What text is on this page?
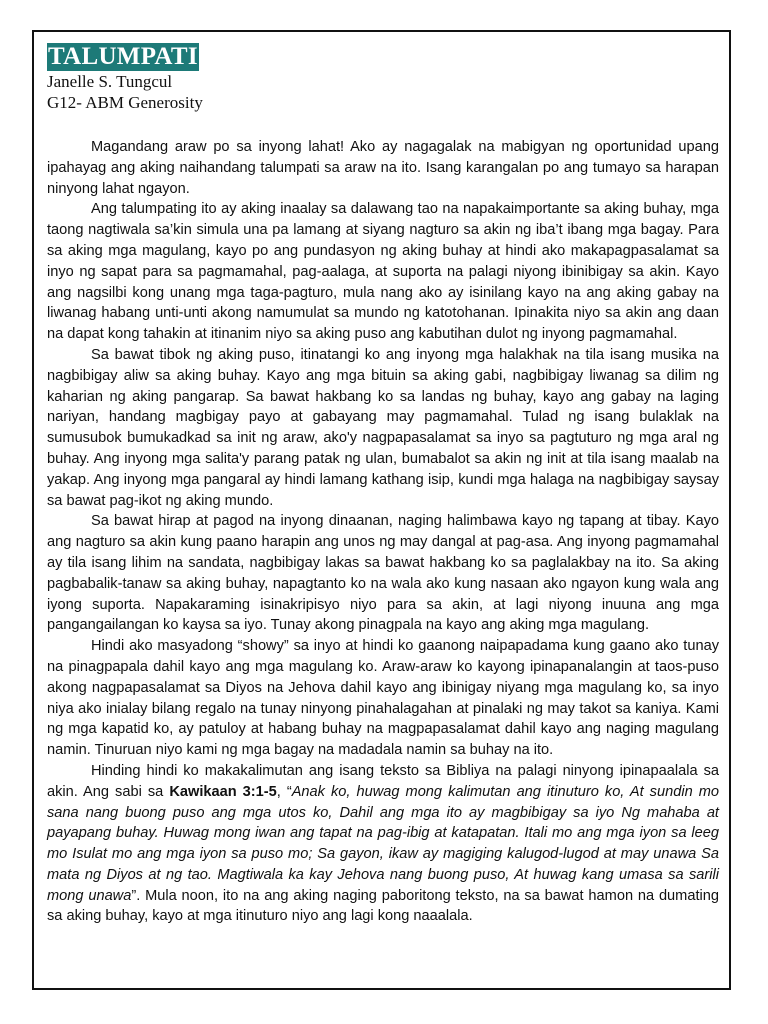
TALUMPATI
Janelle S. Tungcul
G12- ABM Generosity

Magandang araw po sa inyong lahat! Ako ay nagagalak na mabigyan ng oportunidad upang ipahayag ang aking naihandang talumpati sa araw na ito. Isang karangalan po ang tumayo sa harapan ninyong lahat ngayon.

Ang talumpating ito ay aking inaalay sa dalawang tao na napakaimportante sa aking buhay, mga taong nagtiwala sa’kin simula una pa lamang at siyang nagturo sa akin ng iba’t ibang mga bagay. Para sa aking mga magulang, kayo po ang pundasyon ng aking buhay at hindi ako makapagpasalamat sa inyo ng sapat para sa pagmamahal, pag-aalaga, at suporta na palagi niyong ibinibigay sa akin. Kayo ang nagsilbi kong unang mga taga-pagturo, mula nang ako ay isinilang kayo na ang aking gabay na liwanag habang unti-unti akong namumulat sa mundo ng katotohanan. Ipinakita niyo sa akin ang daan na dapat kong tahakin at itinanim niyo sa aking puso ang kabutihan dulot ng inyong pagmamahal.

Sa bawat tibok ng aking puso, itinatangi ko ang inyong mga halakhak na tila isang musika na nagbibigay aliw sa aking buhay. Kayo ang mga bituin sa aking gabi, nagbibigay liwanag sa dilim ng kaharian ng aking pangarap. Sa bawat hakbang ko sa landas ng buhay, kayo ang gabay na laging nariyan, handang magbigay payo at gabayang may pagmamahal. Tulad ng isang bulaklak na sumusubok bumukadkad sa init ng araw, ako'y nagpapasalamat sa inyo sa pagtuturo ng mga aral ng buhay. Ang inyong mga salita'y parang patak ng ulan, bumabalot sa akin ng init at tila isang maalab na yakap. Ang inyong mga pangaral ay hindi lamang kathang isip, kundi mga halaga na nagbibigay saysay sa bawat pag-ikot ng aking mundo.

Sa bawat hirap at pagod na inyong dinaanan, naging halimbawa kayo ng tapang at tibay. Kayo ang nagturo sa akin kung paano harapin ang unos ng may dangal at pag-asa. Ang inyong pagmamahal ay tila isang lihim na sandata, nagbibigay lakas sa bawat hakbang ko sa paglalakbay na ito. Sa aking pagbabalik-tanaw sa aking buhay, napagtanto ko na wala ako kung nasaan ako ngayon kung wala ang iyong suporta. Napakaraming isinakripisyo niyo para sa akin, at lagi niyong inuuna ang mga pangangailangan ko kaysa sa iyo. Tunay akong pinagpala na kayo ang aking mga magulang.

Hindi ako masyadong “showy” sa inyo at hindi ko gaanong naipapadama kung gaano ako tunay na pinagpapala dahil kayo ang mga magulang ko. Araw-araw ko kayong ipinapanalangin at taos-puso akong nagpapasalamat sa Diyos na Jehova dahil kayo ang ibinigay niyang mga magulang ko, sa inyo niya ako inialay bilang regalo na tunay ninyong pinahalagahan at pinalaki ng may takot sa kaniya. Kami ng mga kapatid ko, ay patuloy at habang buhay na magpapasalamat dahil kayo ang naging magulang namin. Tinuruan niyo kami ng mga bagay na madadala namin sa buhay na ito.

Hinding hindi ko makakalimutan ang isang teksto sa Bibliya na palagi ninyong ipinapaalala sa akin. Ang sabi sa Kawikaan 3:1-5, “Anak ko, huwag mong kalimutan ang itinuturo ko, At sundin mo sana nang buong puso ang mga utos ko, Dahil ang mga ito ay magbibigay sa iyo Ng mahaba at payapang buhay. Huwag mong iwan ang tapat na pag-ibig at katapatan. Itali mo ang mga iyon sa leeg mo Isulat mo ang mga iyon sa puso mo; Sa gayon, ikaw ay magiging kalugod-lugod at may unawa Sa mata ng Diyos at ng tao. Magtiwala ka kay Jehova nang buong puso, At huwag kang umasa sa sarili mong unawa”. Mula noon, ito na ang aking naging paboritong teksto, na sa bawat hamon na dumating sa aking buhay, kayo at mga itinuturo niyo ang lagi kong naaalala.
